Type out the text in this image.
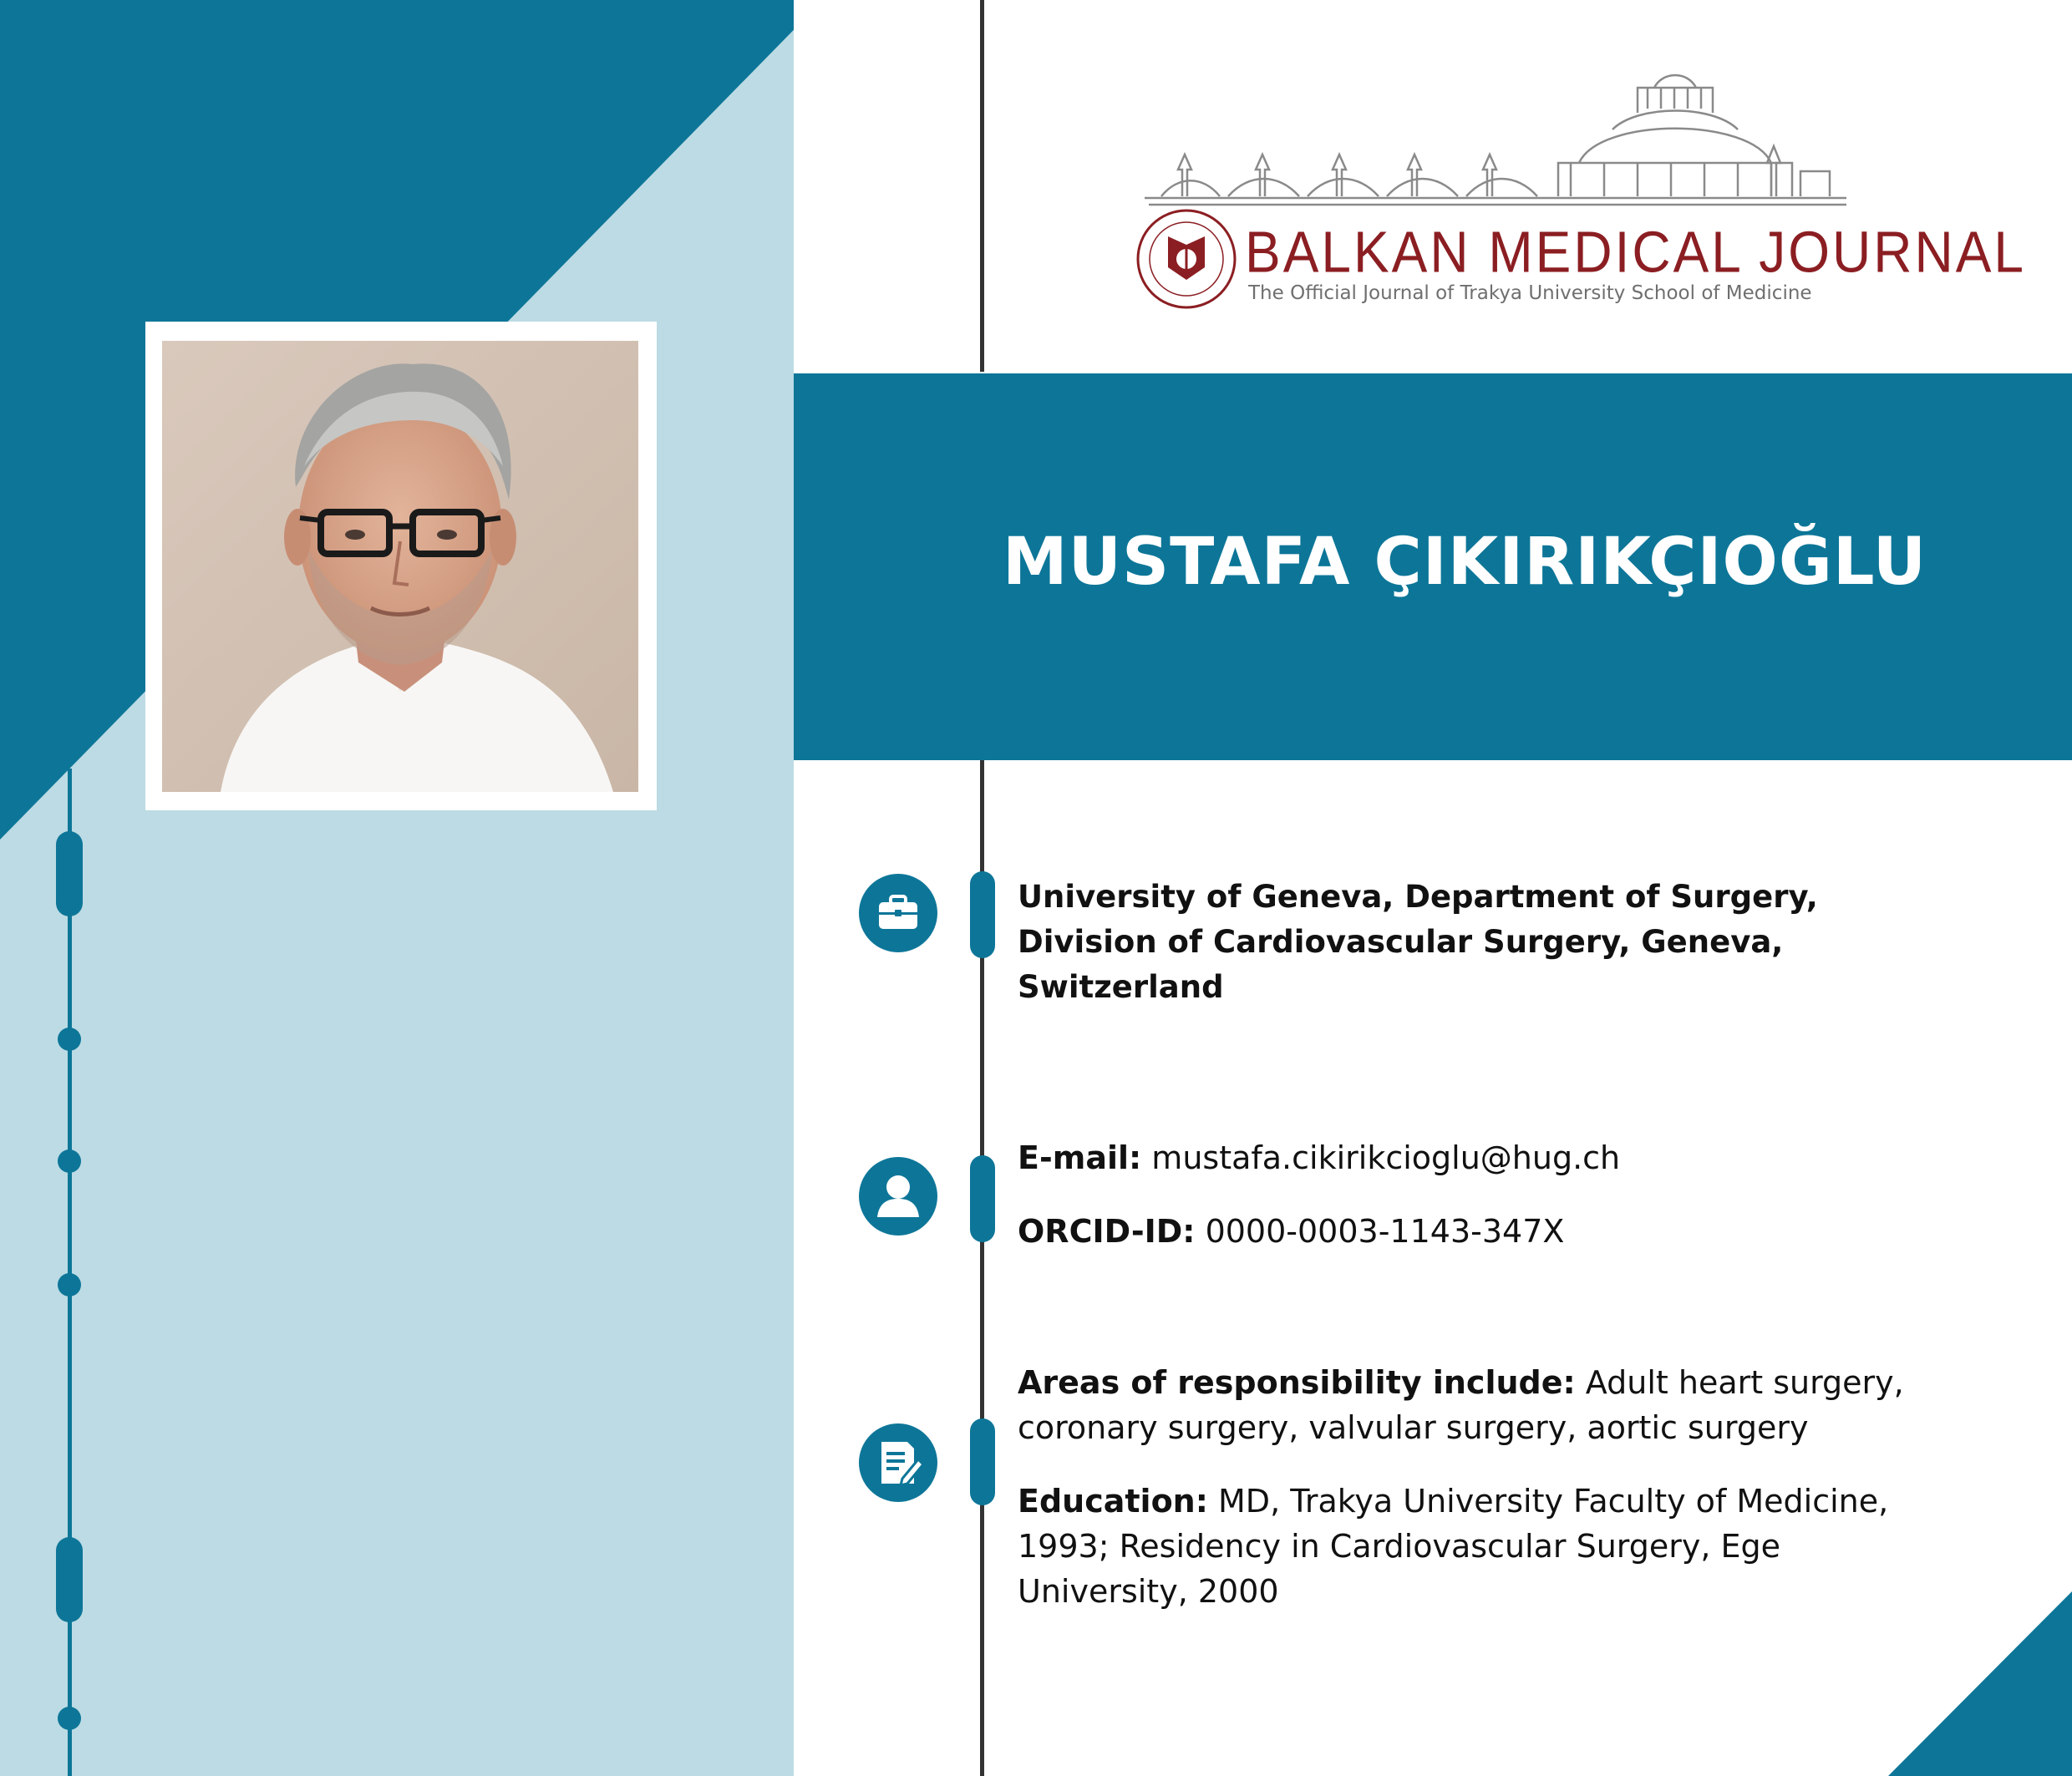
BALKAN MEDICAL JOURNAL
The Official Journal of Trakya University School of Medicine
MUSTAFA ÇIKIRIKÇIOĞLU
University of Geneva, Department of Surgery,
Division of Cardiovascular Surgery, Geneva,
Switzerland
E-mail: mustafa.cikirikcioglu@hug.ch
ORCID-ID: 0000-0003-1143-347X
Areas of responsibility include: Adult heart surgery, coronary surgery, valvular surgery, aortic surgery
Education: MD, Trakya University Faculty of Medicine, 1993; Residency in Cardiovascular Surgery, Ege University, 2000
